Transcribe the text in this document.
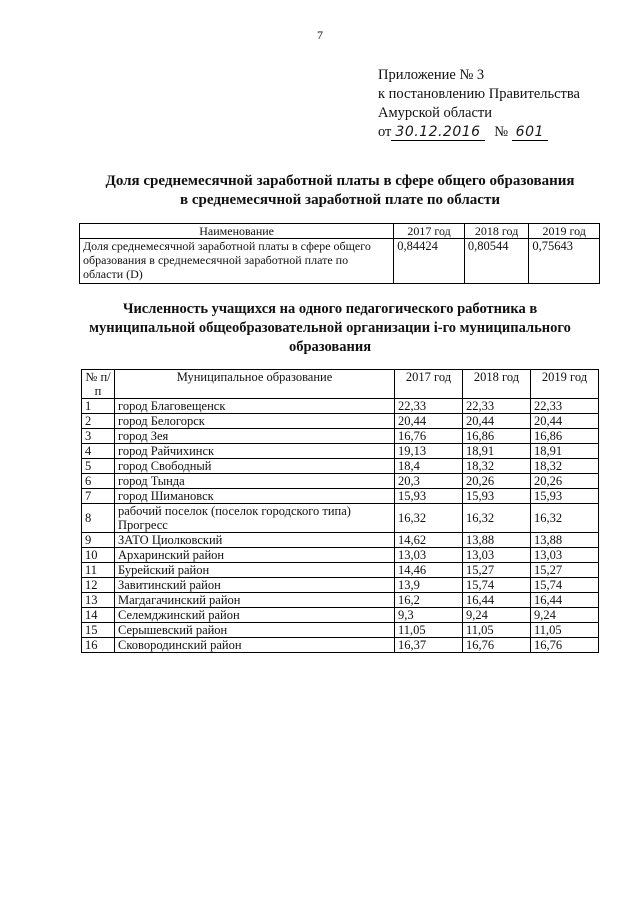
7
Приложение № 3
к постановлению Правительства
Амурской области
от 30.12.2016 № 601
Доля среднемесячной заработной платы в сфере общего образования
в среднемесячной заработной плате по области
Наименование	2017 год	2018 год	2019 год
Доля среднемесячной заработной платы в сфере общего образования в среднемесячной заработной плате по области (D)	0,84424	0,80544	0,75643
Численность учащихся на одного педагогического работника в
муниципальной общеобразовательной организации i-го муниципального
образования
№ п/п	Муниципальное образование	2017 год	2018 год	2019 год
1	город Благовещенск	22,33	22,33	22,33
2	город Белогорск	20,44	20,44	20,44
3	город Зея	16,76	16,86	16,86
4	город Райчихинск	19,13	18,91	18,91
5	город Свободный	18,4	18,32	18,32
6	город Тында	20,3	20,26	20,26
7	город Шимановск	15,93	15,93	15,93
8	рабочий поселок (поселок городского типа) Прогресс	16,32	16,32	16,32
9	ЗАТО Циолковский	14,62	13,88	13,88
10	Архаринский район	13,03	13,03	13,03
11	Бурейский район	14,46	15,27	15,27
12	Завитинский район	13,9	15,74	15,74
13	Магдагачинский район	16,2	16,44	16,44
14	Селемджинский район	9,3	9,24	9,24
15	Серышевский район	11,05	11,05	11,05
16	Сковородинский район	16,37	16,76	16,76
